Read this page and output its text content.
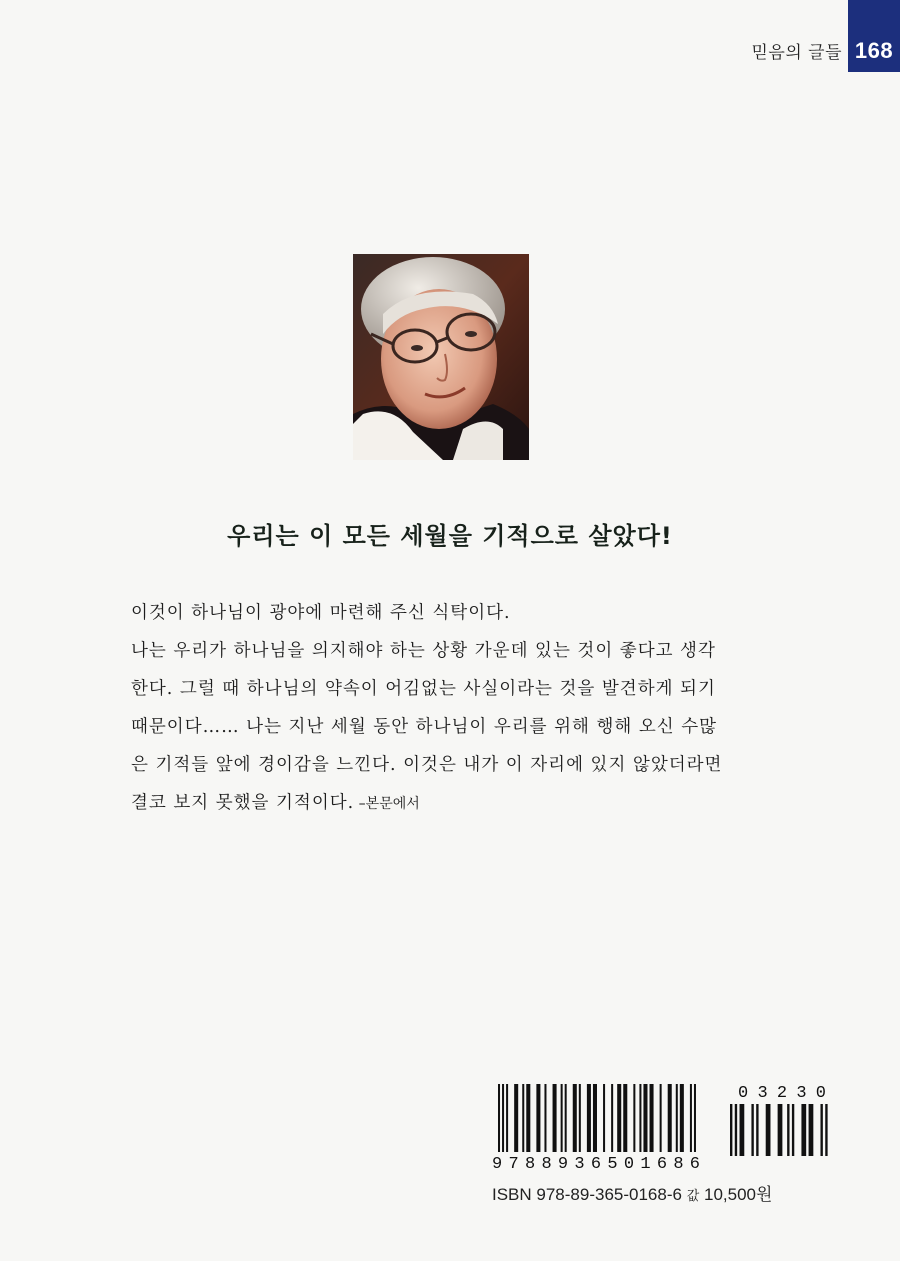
믿음의 글들 168
우리는 이 모든 세월을 기적으로 살았다!

이것이 하나님이 광야에 마련해 주신 식탁이다.

나는 우리가 하나님을 의지해야 하는 상황 가운데 있는 것이 좋다고 생각

한다. 그럴 때 하나님의 약속이 어김없는 사실이라는 것을 발견하게 되기

때문이다…… 나는 지난 세월 동안 하나님이 우리를 위해 행해 오신 수많

은 기적들 앞에 경이감을 느낀다. 이것은 내가 이 자리에 있지 않았더라면

결코 보지 못했을 기적이다. –본문에서

9788936501686
03230
ISBN 978-89-365-0168-6 값 10,500원
